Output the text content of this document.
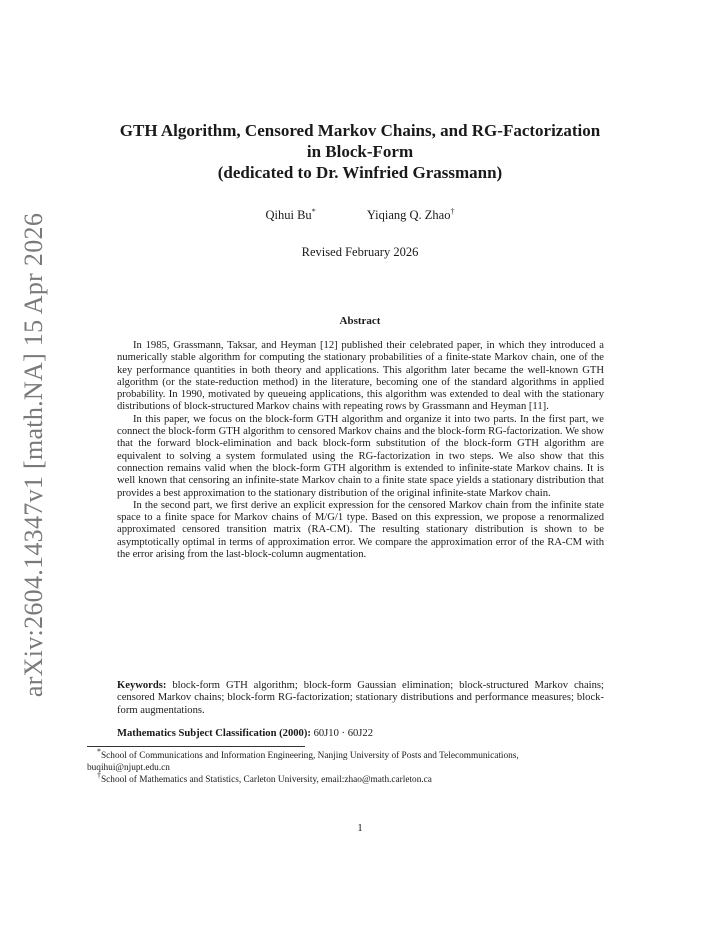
arXiv:2604.14347v1 [math.NA] 15 Apr 2026
GTH Algorithm, Censored Markov Chains, and RG-Factorization
in Block-Form
(dedicated to Dr. Winfried Grassmann)
Qihui Bu*	Yiqiang Q. Zhao†
Revised February 2026
Abstract

In 1985, Grassmann, Taksar, and Heyman [12] published their celebrated paper, in which they introduced a numerically stable algorithm for computing the stationary probabilities of a finite-state Markov chain, one of the key performance quantities in both theory and applications. This algorithm later became the well-known GTH algorithm (or the state-reduction method) in the literature, becoming one of the standard algorithms in applied probability. In 1990, motivated by queueing applications, this algorithm was extended to deal with the stationary distributions of block-structured Markov chains with repeating rows by Grassmann and Heyman [11].

In this paper, we focus on the block-form GTH algorithm and organize it into two parts. In the first part, we connect the block-form GTH algorithm to censored Markov chains and the block-form RG-factorization. We show that the forward block-elimination and back block-form substitution of the block-form GTH algorithm are equivalent to solving a system formulated using the RG-factorization in two steps. We also show that this connection remains valid when the block-form GTH algorithm is extended to infinite-state Markov chains. It is well known that censoring an infinite-state Markov chain to a finite state space yields a stationary distribution that provides a best approximation to the stationary distribution of the original infinite-state Markov chain.

In the second part, we first derive an explicit expression for the censored Markov chain from the infinite state space to a finite space for Markov chains of M/G/1 type. Based on this expression, we propose a renormalized approximated censored transition matrix (RA-CM). The resulting stationary distribution is shown to be asymptotically optimal in terms of approximation error. We compare the approximation error of the RA-CM with the error arising from the last-block-column augmentation.

Keywords: block-form GTH algorithm; block-form Gaussian elimination; block-structured Markov chains; censored Markov chains; block-form RG-factorization; stationary distributions and performance measures; block-form augmentations.
Mathematics Subject Classification (2000): 60J10 · 60J22

*School of Communications and Information Engineering, Nanjing University of Posts and Telecommunications,

buqihui@njupt.edu.cn

†School of Mathematics and Statistics, Carleton University, email:zhao@math.carleton.ca

1
